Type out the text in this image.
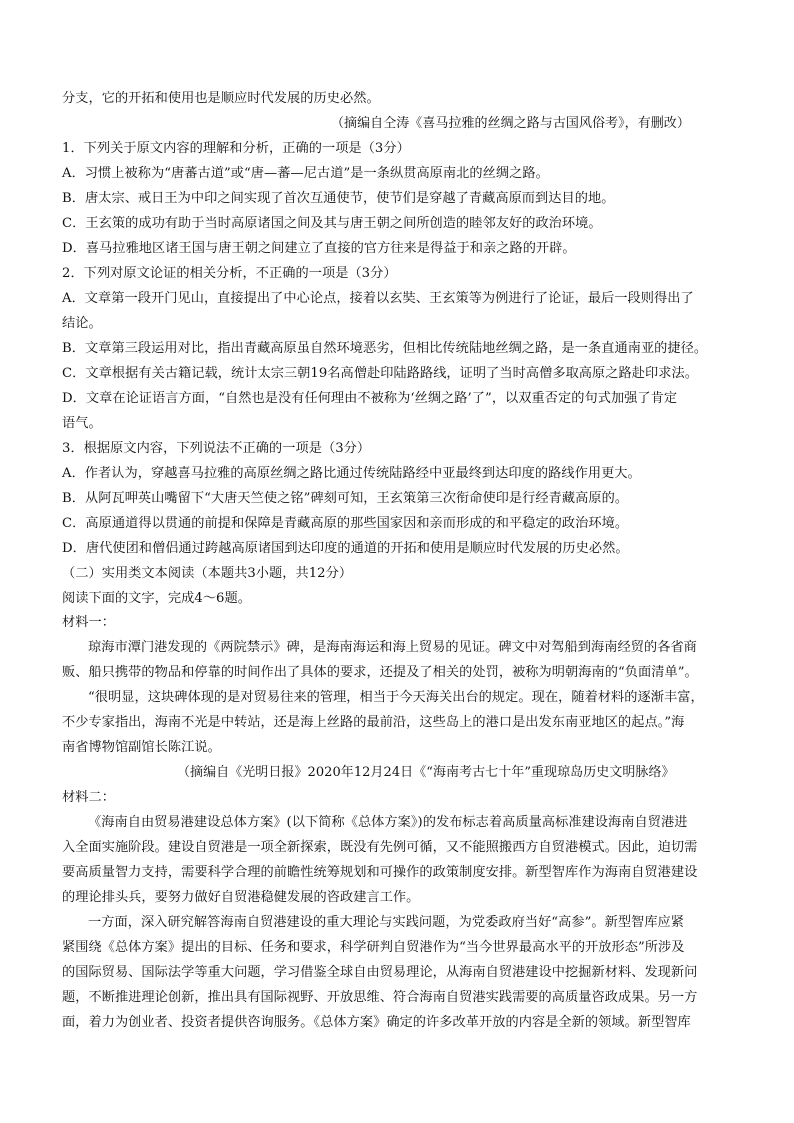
分支，它的开拓和使用也是顺应时代发展的历史必然。
（摘编自仝涛《喜马拉雅的丝绸之路与古国风俗考》，有删改）
1．下列关于原文内容的理解和分析，正确的一项是（3分）
A．习惯上被称为“唐蕃古道”或“唐—蕃—尼古道”是一条纵贯高原南北的丝绸之路。
B．唐太宗、戒日王为中印之间实现了首次互通使节，使节们是穿越了青藏高原而到达目的地。
C．王玄策的成功有助于当时高原诸国之间及其与唐王朝之间所创造的睦邻友好的政治环境。
D．喜马拉雅地区诸王国与唐王朝之间建立了直接的官方往来是得益于和亲之路的开辟。
2．下列对原文论证的相关分析，不正确的一项是（3分）
A．文章第一段开门见山，直接提出了中心论点，接着以玄奘、王玄策等为例进行了论证，最后一段则得出了
结论。
B．文章第三段运用对比，指出青藏高原虽自然环境恶劣，但相比传统陆地丝绸之路，是一条直通南亚的捷径。
C．文章根据有关古籍记载，统计太宗三朝19名高僧赴印陆路路线，证明了当时高僧多取高原之路赴印求法。
D．文章在论证语言方面，“自然也是没有任何理由不被称为‘丝绸之路’了”，以双重否定的句式加强了肯定
语气。
3．根据原文内容，下列说法不正确的一项是（3分）
A．作者认为，穿越喜马拉雅的高原丝绸之路比通过传统陆路经中亚最终到达印度的路线作用更大。
B．从阿瓦呷英山嘴留下“大唐天竺使之铭”碑刻可知，王玄策第三次衔命使印是行经青藏高原的。
C．高原通道得以贯通的前提和保障是青藏高原的那些国家因和亲而形成的和平稳定的政治环境。
D．唐代使团和僧侣通过跨越高原诸国到达印度的通道的开拓和使用是顺应时代发展的历史必然。
（二）实用类文本阅读（本题共3小题，共12分）
阅读下面的文字，完成4～6题。
材料一：
琼海市潭门港发现的《两院禁示》碑，是海南海运和海上贸易的见证。碑文中对驾船到海南经贸的各省商
贩、船只携带的物品和停靠的时间作出了具体的要求，还提及了相关的处罚，被称为明朝海南的“负面清单”。
“很明显，这块碑体现的是对贸易往来的管理，相当于今天海关出台的规定。现在，随着材料的逐渐丰富，
不少专家指出，海南不光是中转站，还是海上丝路的最前沿，这些岛上的港口是出发东南亚地区的起点。”海
南省博物馆副馆长陈江说。
（摘编自《光明日报》2020年12月24日《“海南考古七十年”重现琼岛历史文明脉络》
材料二：
《海南自由贸易港建设总体方案》(以下简称《总体方案》)的发布标志着高质量高标准建设海南自贸港进
入全面实施阶段。建设自贸港是一项全新探索，既没有先例可循，又不能照搬西方自贸港模式。因此，迫切需
要高质量智力支持，需要科学合理的前瞻性统筹规划和可操作的政策制度安排。新型智库作为海南自贸港建设
的理论排头兵，要努力做好自贸港稳健发展的咨政建言工作。
一方面，深入研究解答海南自贸港建设的重大理论与实践问题，为党委政府当好“高参”。新型智库应紧
紧围绕《总体方案》提出的目标、任务和要求，科学研判自贸港作为“当今世界最高水平的开放形态”所涉及
的国际贸易、国际法学等重大问题，学习借鉴全球自由贸易理论，从海南自贸港建设中挖掘新材料、发现新问
题，不断推进理论创新，推出具有国际视野、开放思维、符合海南自贸港实践需要的高质量咨政成果。另一方
面，着力为创业者、投资者提供咨询服务。《总体方案》确定的许多改革开放的内容是全新的领域。新型智库
